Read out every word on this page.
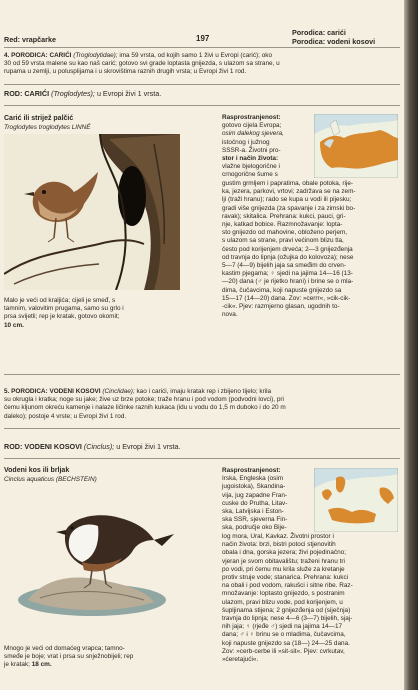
Red: vrapčarke	197
Porodica: carići
Porodica: vodeni kosovi
4. PORODICA: CARIĆI (Troglodytidae); ima 59 vrsta, od kojih samo 1 živi u Evropi (carić); oko
30 od 59 vrsta malene su kao naš carić; gotovo svi grade loptasta gnijezda, s ulazom sa strane, u
rupama u zemlji, u polusplijama i u skrovištima raznih drugih vrsta; u Evropi živi 1 rod.
ROD: CARIĆI (Troglodytes); u Evropi živi 1 vrsta.
Carić ili strijež palčić
Troglodytes troglodytes LINNÉ
Malo je veći od kraljića; cijeli je smeđ, s
tamnim, valovitim prugama, samo su grlo i
prsa svijetli; rep je kratak, gotovo okomit;
10 cm.
Rasprostranjenost:
gotovo cijela Evropa;
osim dalekog sjevera,
istočnog i južnog
SSSR-a. Životni pro-
stor i način života:
vlažne bjelogorične i
crnogorične šume s
gustim grmljem i papratima, obale potoka, rije-
ka, jezera, parkovi, vrtovi; zadržava se na zem-
lji (traži hranu); rado se kupa u vodi ili pijesku;
gradi više gnijezda (za spavanje i za zimski bo-
ravak); skitalica. Prehrana: kukci, pauci, gri-
nje, katkad bobice. Razmnožavanje: lopta-
sto gnijezdo od mahovine, obloženo perjem,
s ulazom sa strane, pravi većinom blizu tla,
često pod korijenjem drveća; 2—3 gnijezđenja
od travnja do lipnja (ožujka do kolovoza); nese
5—7 (4—9) bijelih jaja sa smeđim do crven-
kastim pjegama; ♀ sjedi na jajima 14—16 (13-
—20) dana (♂ je rijetko hrani) i brine se o mla-
dima, čučavcima, koji napuste gnijezdo sa
15—17 (14—20) dana. Zov: »cerrr«, »cik-cik-
-cik«. Pjev: razmjerno glasan, ugodnih to-
nova.
5. PORODICA: VODENI KOSOVI (Cinclidae); kao i carići, imaju kratak rep i zbijeno tijelo; krila
su okrugla i kratka; noge su jake; žive uz brze potoke; traže hranu i pod vodom (podvodni lovci), pri
čemu kljunom okreću kamenje i nalaze ličinke raznih kukaca (idu u vodu do 1,5 m duboko i do 20 m
daleko); postoje 4 vrste; u Evropi živi 1 rod.
ROD: VODENI KOSOVI (Cinclus); u Evropi živi 1 vrsta.
Vodeni kos ili brljak
Cinclus aquaticus (BECHSTEIN)
Mnogo je veći od domaćeg vrapca; tamno-
smeđe je boje; vrat i prsa su snježnobijeli; rep
je kratak; 18 cm.
Rasprostranjenost:
Irska, Engleska (osim
jugoistoka), Skandina-
vija, jug zapadne Fran-
cuske do Prutha, Litav-
ska, Latvijska i Eston-
ska SSR, sjeverna Fin-
ska, područje oko Bije-
log mora, Ural, Kavkaz. Životni prostor i
način života: brzi, bistri potoci stjenovitih
obala i dna, gorska jezera; živi pojedinačno;
vjeran je svom obitavalištu; traženi hranu tri
po vodi, pri čemu mu krila služe za kretanje
protiv struje vode; stanarica. Prehrana: kukci
na obali i pod vodom, rakušci i sitne ribe. Raz-
množavanje: loptasto gnijezdo, s postranim
ulazom, pravi blizu vode, pod korijenjem, u
šupljinama stijena; 2 gnijezđenja od (siječnja)
travnja do lipnja; nese 4—6 (3—7) bijelih, sjaj-
nih jaja; ♀ (rjeđe ♂) sjedi na jajima 14—17
dana; ♂ i ♀ brinu se o mladima, čučavcima,
koji napuste gnijezdo sa (18—) 24—25 dana.
Zov: »cerb-cerbe ili »sit-sit«. Pjev: cvrkutav,
»ćeretajući«.
